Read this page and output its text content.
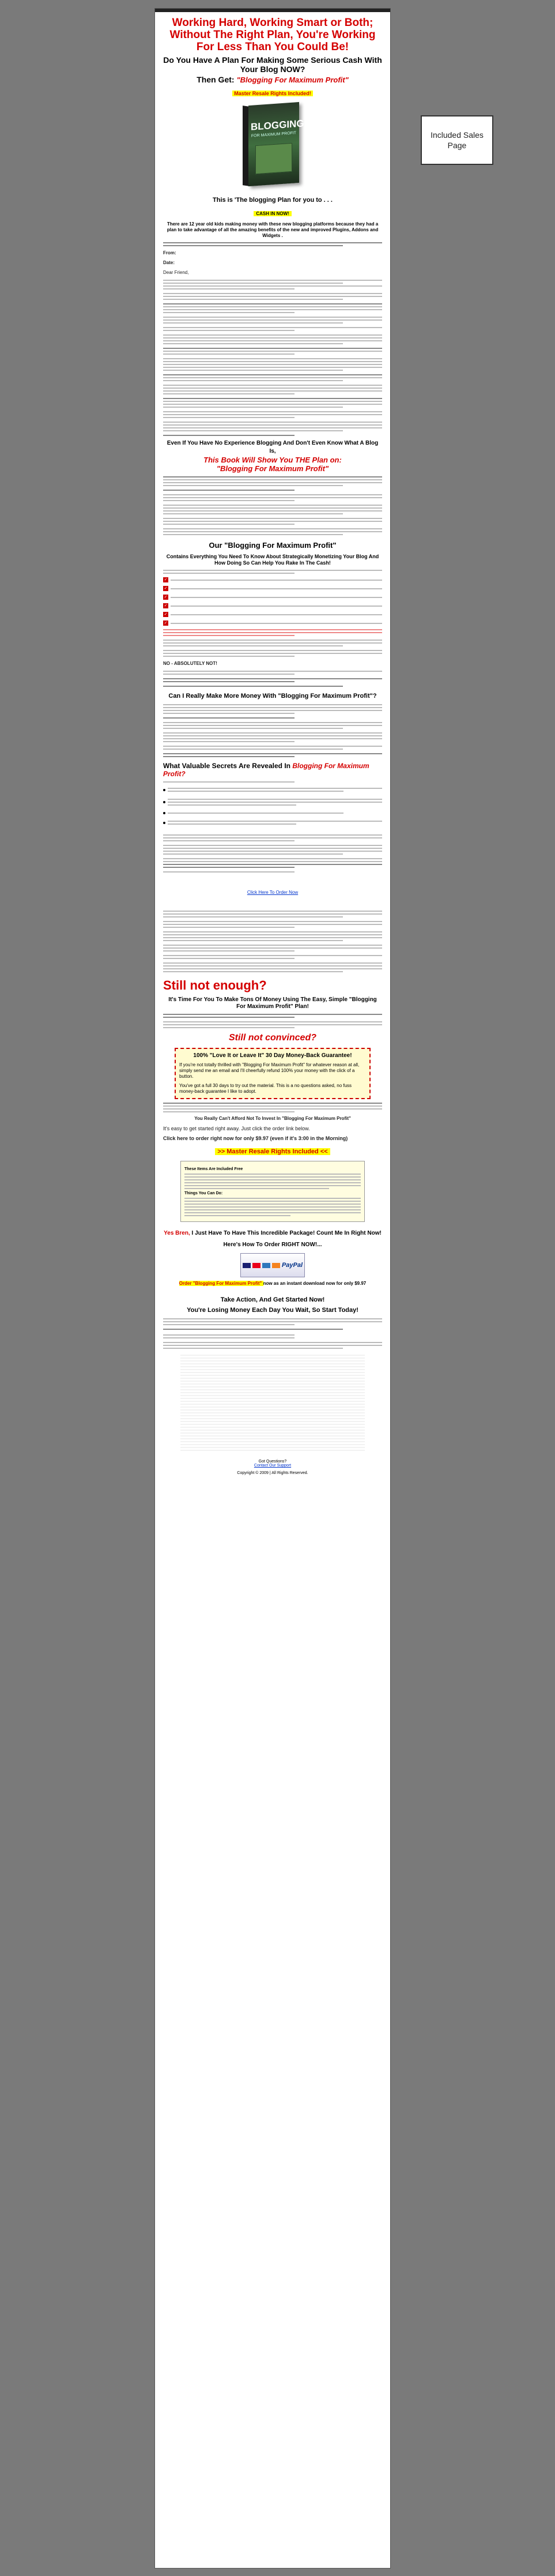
Included Sales Page
Working Hard, Working Smart or Both; Without The Right Plan, You're Working For Less Than You Could Be!
Do You Have A Plan For Making Some Serious Cash With Your Blog NOW?
Then Get: "Blogging For Maximum Profit"
Master Resale Rights Included!
BLOGGING
FOR MAXIMUM PROFIT
This is 'The blogging Plan for you to . . .
CASH IN NOW!
There are 12 year old kids making money with these new blogging platforms because they had a plan to take advantage of all the amazing benefits of the new and improved Plugins, Addons and Widgets .
From:
Date:
Dear Friend,
Even If You Have No Experience Blogging And Don't Even Know What A Blog Is,
This Book Will Show You THE Plan on:
"Blogging For Maximum Profit"
Our "Blogging For Maximum Profit"
Contains Everything You Need To Know About Strategically Monetizing Your Blog And How Doing So Can Help You Rake In The Cash!
✓
✓
✓
✓
✓
✓
NO - ABSOLUTELY NOT!
Can I Really Make More Money With "Blogging For Maximum Profit"?
What Valuable Secrets Are Revealed In Blogging For Maximum Profit?
Click Here To Order Now
Still not enough?
It's Time For You To Make Tons Of Money Using The Easy, Simple "Blogging For Maximum Profit" Plan!
Still not convinced?
100% "Love It or Leave It" 30 Day Money-Back Guarantee!
If you're not totally thrilled with "Blogging For Maximum Profit" for whatever reason at all, simply send me an email and I'll cheerfully refund 100% your money with the click of a button.
You've got a full 30 days to try out the material. This is a no questions asked, no fuss money-back guarantee I like to adopt.
You Really Can't Afford Not To Invest In "Blogging For Maximum Profit"
It's easy to get started right away. Just click the order link below.
Click here to order right now for only $9.97 (even if it's 3:00 in the Morning)
>> Master Resale Rights Included <<
These Items Are Included Free
Things You Can Do:
Yes Bren, I Just Have To Have This Incredible Package! Count Me In Right Now!
Here's How To Order RIGHT NOW!...
PayPal
Order "Blogging For Maximum Profit" now as an instant download now for only $9.97
Take Action, And Get Started Now!
You're Losing Money Each Day You Wait, So Start Today!
Got Questions?
Contact Our Support
Copyright © 2009 | All Rights Reserved.
